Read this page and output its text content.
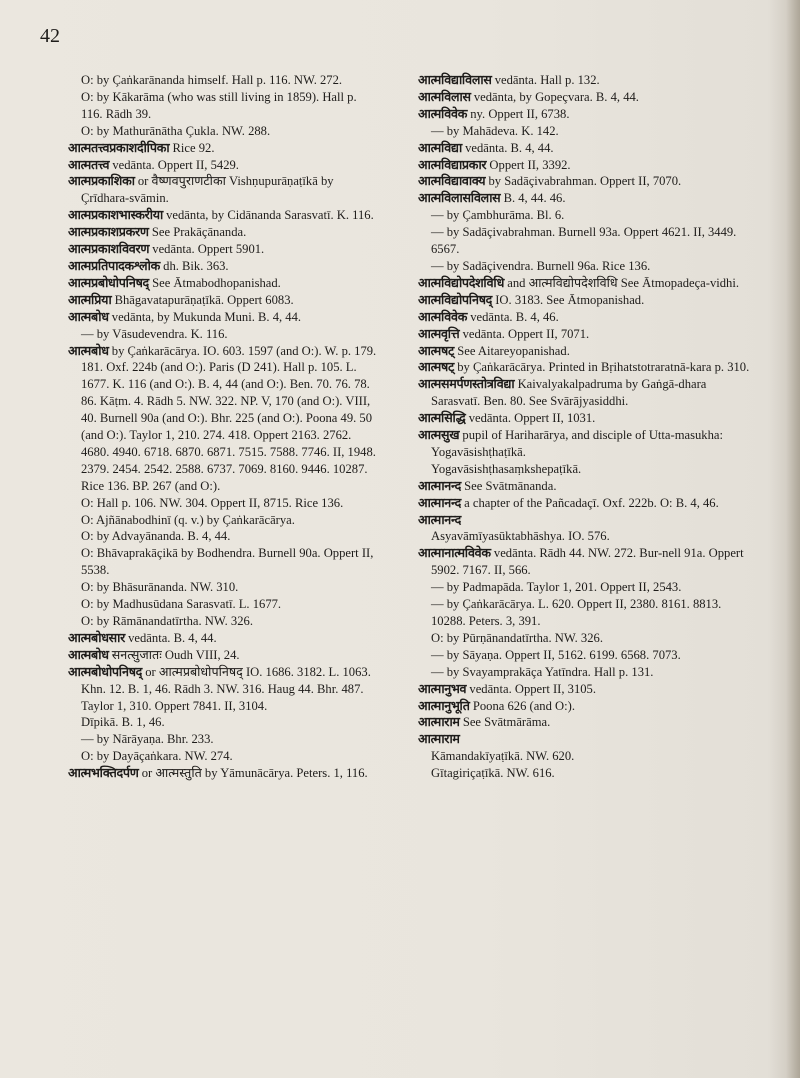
42

O: by Çaṅkarānanda himself. Hall p. 116. NW. 272.

O: by Kākarāma (who was still living in 1859). Hall p. 116. Rādh 39.

O: by Mathurānātha Çukla. NW. 288.

आत्मतत्त्वप्रकाशदीपिका Rice 92.

आत्मतत्त्व vedānta. Oppert II, 5429.

आत्मप्रकाशिका or वैष्णवपुराणटीका Vishṇupurāṇaṭīkā by Çrīdhara-svāmin.

आत्मप्रकाशभास्करीया vedānta, by Cidānanda Sarasvatī. K. 116.

आत्मप्रकाशप्रकरण See Prakāçānanda.

आत्मप्रकाशविवरण vedānta. Oppert 5901.

आत्मप्रतिपादकश्लोक dh. Bik. 363.

आत्मप्रबोधोपनिषद् See Ātmabodhopanishad.

आत्मप्रिया Bhāgavatapurāṇaṭīkā. Oppert 6083.

आत्मबोध vedānta, by Mukunda Muni. B. 4, 44.

— by Vāsudevendra. K. 116.

आत्मबोध by Çaṅkarācārya. IO. 603. 1597 (and O:). W. p. 179. 181. Oxf. 224b (and O:). Paris (D 241). Hall p. 105. L. 1677. K. 116 (and O:). B. 4, 44 (and O:). Ben. 70. 76. 78. 86. Kāṭm. 4. Rādh 5. NW. 322. NP. V, 170 (and O:). VIII, 40. Burnell 90a (and O:). Bhr. 225 (and O:). Poona 49. 50 (and O:). Taylor 1, 210. 274. 418. Oppert 2163. 2762. 4680. 4940. 6718. 6870. 6871. 7515. 7588. 7746. II, 1948. 2379. 2454. 2542. 2588. 6737. 7069. 8160. 9446. 10287. Rice 136. BP. 267 (and O:).

O: Hall p. 106. NW. 304. Oppert II, 8715. Rice 136.

O: Ajñānabodhinī (q. v.) by Çaṅkarācārya.

O: by Advayānanda. B. 4, 44.

O: Bhāvaprakāçikā by Bodhendra. Burnell 90a. Oppert II, 5538.

O: by Bhāsurānanda. NW. 310.

O: by Madhusūdana Sarasvatī. L. 1677.

O: by Rāmānandatīrtha. NW. 326.

आत्मबोधसार vedānta. B. 4, 44.

आत्मबोध सनत्सुजातः Oudh VIII, 24.

आत्मबोधोपनिषद् or आत्मप्रबोधोपनिषद् IO. 1686. 3182. L. 1063. Khn. 12. B. 1, 46. Rādh 3. NW. 316. Haug 44. Bhr. 487. Taylor 1, 310. Oppert 7841. II, 3104.

Dīpikā. B. 1, 46.

— by Nārāyaṇa. Bhr. 233.

O: by Dayāçaṅkara. NW. 274.

आत्मभक्तिदर्पण or आत्मस्तुति by Yāmunācārya. Peters. 1, 116.

आत्मविद्याविलास vedānta. Hall p. 132.

आत्मविलास vedānta, by Gopeçvara. B. 4, 44.

आत्मविवेक ny. Oppert II, 6738.

— by Mahādeva. K. 142.

आत्मविद्या vedānta. B. 4, 44.

आत्मविद्याप्रकार Oppert II, 3392.

आत्मविद्यावाक्य by Sadāçivabrahman. Oppert II, 7070.

आत्मविलासविलास B. 4, 44. 46.

— by Çambhurāma. Bl. 6.

— by Sadāçivabrahman. Burnell 93a. Oppert 4621. II, 3449. 6567.

— by Sadāçivendra. Burnell 96a. Rice 136.

आत्मविद्योपदेशविधि and आत्मविद्योपदेशविधि See Ātmopadeça-vidhi.

आत्मविद्योपनिषद् IO. 3183. See Ātmopanishad.

आत्मविवेक vedānta. B. 4, 46.

आत्मवृत्ति vedānta. Oppert II, 7071.

आत्मषट् See Aitareyopanishad.

आत्मषट् by Çaṅkarācārya. Printed in Bṛihatstotraratnā-kara p. 310.

आत्मसमर्पणस्तोत्रविद्या Kaivalyakalpadruma by Gaṅgā-dhara Sarasvatī. Ben. 80. See Svārājyasiddhi.

आत्मसिद्धि vedānta. Oppert II, 1031.

आत्मसुख pupil of Hariharārya, and disciple of Utta-masukha:

Yogavāsishṭhaṭīkā.

Yogavāsishṭhasaṃkshepaṭīkā.

आत्मानन्द See Svātmānanda.

आत्मानन्द a chapter of the Pañcadaçī. Oxf. 222b. O: B. 4, 46.

आत्मानन्द

Asyavāmīyasūktabhāshya. IO. 576.

आत्मानात्मविवेक vedānta. Rādh 44. NW. 272. Bur-nell 91a. Oppert 5902. 7167. II, 566.

— by Padmapāda. Taylor 1, 201. Oppert II, 2543.

— by Çaṅkarācārya. L. 620. Oppert II, 2380. 8161. 8813. 10288. Peters. 3, 391.

O: by Pūrṇānandatīrtha. NW. 326.

— by Sāyaṇa. Oppert II, 5162. 6199. 6568. 7073.

— by Svayamprakāça Yatīndra. Hall p. 131.

आत्मानुभव vedānta. Oppert II, 3105.

आत्मानुभूति Poona 626 (and O:).

आत्माराम See Svātmārāma.

आत्माराम

Kāmandakīyaṭīkā. NW. 620.

Gītagiriçaṭīkā. NW. 616.
